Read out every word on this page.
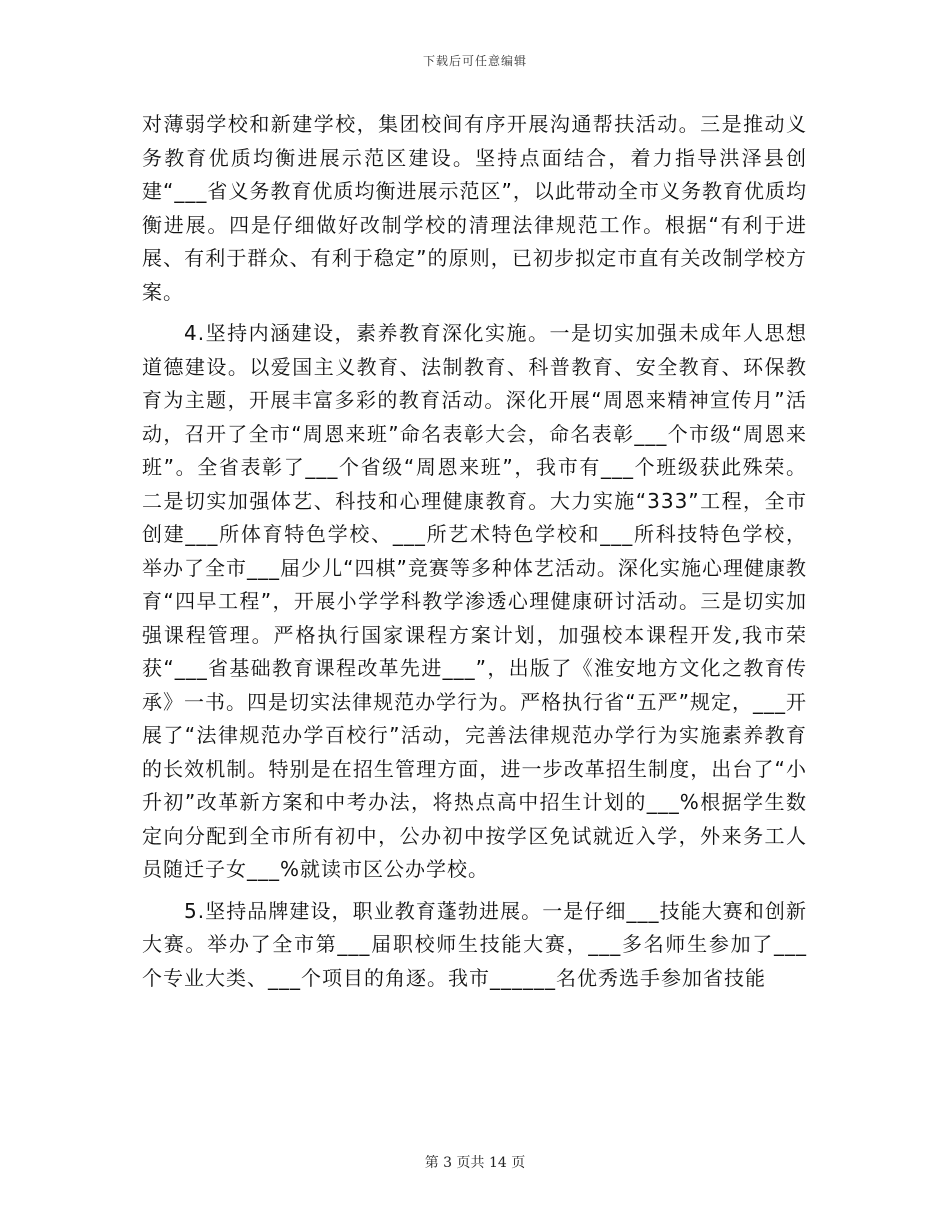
下载后可任意编辑

对薄弱学校和新建学校，集团校间有序开展沟通帮扶活动。三是推动义务教育优质均衡进展示范区建设。坚持点面结合，着力指导洪泽县创建“___省义务教育优质均衡进展示范区”，以此带动全市义务教育优质均衡进展。四是仔细做好改制学校的清理法律规范工作。根据“有利于进展、有利于群众、有利于稳定”的原则，已初步拟定市直有关改制学校方案。

4.坚持内涵建设，素养教育深化实施。一是切实加强未成年人思想道德建设。以爱国主义教育、法制教育、科普教育、安全教育、环保教育为主题，开展丰富多彩的教育活动。深化开展“周恩来精神宣传月”活动，召开了全市“周恩来班”命名表彰大会，命名表彰___个市级“周恩来班”。全省表彰了___个省级“周恩来班”，我市有___个班级获此殊荣。二是切实加强体艺、科技和心理健康教育。大力实施“333”工程，全市创建___所体育特色学校、___所艺术特色学校和___所科技特色学校，举办了全市___届少儿“四棋”竞赛等多种体艺活动。深化实施心理健康教育“四早工程”，开展小学学科教学渗透心理健康研讨活动。三是切实加强课程管理。严格执行国家课程方案计划，加强校本课程开发,我市荣获“___省基础教育课程改革先进___”，出版了《淮安地方文化之教育传承》一书。四是切实法律规范办学行为。严格执行省“五严”规定，___开展了“法律规范办学百校行”活动，完善法律规范办学行为实施素养教育的长效机制。特别是在招生管理方面，进一步改革招生制度，出台了“小升初”改革新方案和中考办法，将热点高中招生计划的___%根据学生数定向分配到全市所有初中，公办初中按学区免试就近入学，外来务工人员随迁子女___%就读市区公办学校。

5.坚持品牌建设，职业教育蓬勃进展。一是仔细___技能大赛和创新大赛。举办了全市第___届职校师生技能大赛，___多名师生参加了___个专业大类、___个项目的角逐。我市______名优秀选手参加省技能

第 3 页共 14 页
